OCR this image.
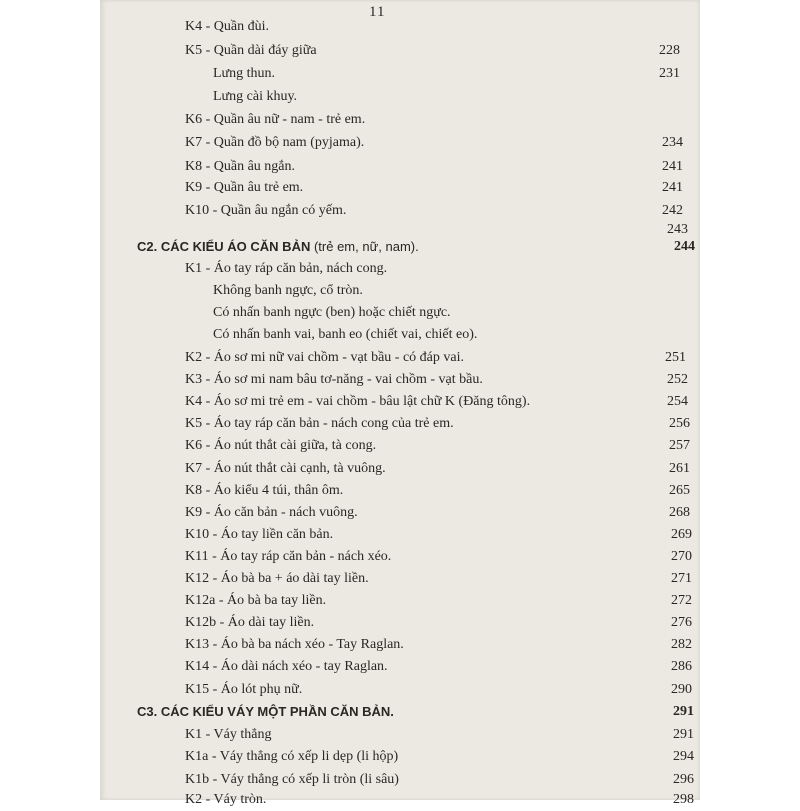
11
K4 - Quần đùi.
K5 - Quần dài đáy giữa	228
Lưng thun.	231
Lưng cài khuy.
K6 - Quần âu nữ - nam - trẻ em.
K7 - Quần đồ bộ nam (pyjama).	234
K8 - Quần âu ngắn.	241
K9 - Quần âu trẻ em.	241
K10 - Quần âu ngắn có yếm.	242
243
C2. CÁC KIỂU ÁO CĂN BẢN (trẻ em, nữ, nam).	244
K1 - Áo tay ráp căn bản, nách cong.
Không banh ngực, cổ tròn.
Có nhấn banh ngực (ben) hoặc chiết ngực.
Có nhấn banh vai, banh eo (chiết vai, chiết eo).
K2 - Áo sơ mi nữ vai chồm - vạt bầu - có đáp vai.	251
K3 - Áo sơ mi nam bâu tơ-năng - vai chồm - vạt bầu.	252
K4 - Áo sơ mi trẻ em - vai chồm - bâu lật chữ K (Đăng tông).	254
K5 - Áo tay ráp căn bản - nách cong của trẻ em.	256
K6 - Áo nút thắt cài giữa, tà cong.	257
K7 - Áo nút thắt cài cạnh, tà vuông.	261
K8 - Áo kiểu 4 túi, thân ôm.	265
K9 - Áo căn bản - nách vuông.	268
K10 - Áo tay liền căn bản.	269
K11 - Áo tay ráp căn bản - nách xéo.	270
K12 - Áo bà ba + áo dài tay liền.	271
K12a - Áo bà ba tay liền.	272
K12b - Áo dài tay liền.	276
K13 - Áo bà ba nách xéo - Tay Raglan.	282
K14 - Áo dài nách xéo - tay Raglan.	286
K15 - Áo lót phụ nữ.	290
C3. CÁC KIỂU VÁY MỘT PHẦN CĂN BẢN.	291
K1 - Váy thẳng	291
K1a - Váy thẳng có xếp li dẹp (li hộp)	294
K1b - Váy thẳng có xếp li tròn (li sâu)	296
K2 - Váy tròn.	298
